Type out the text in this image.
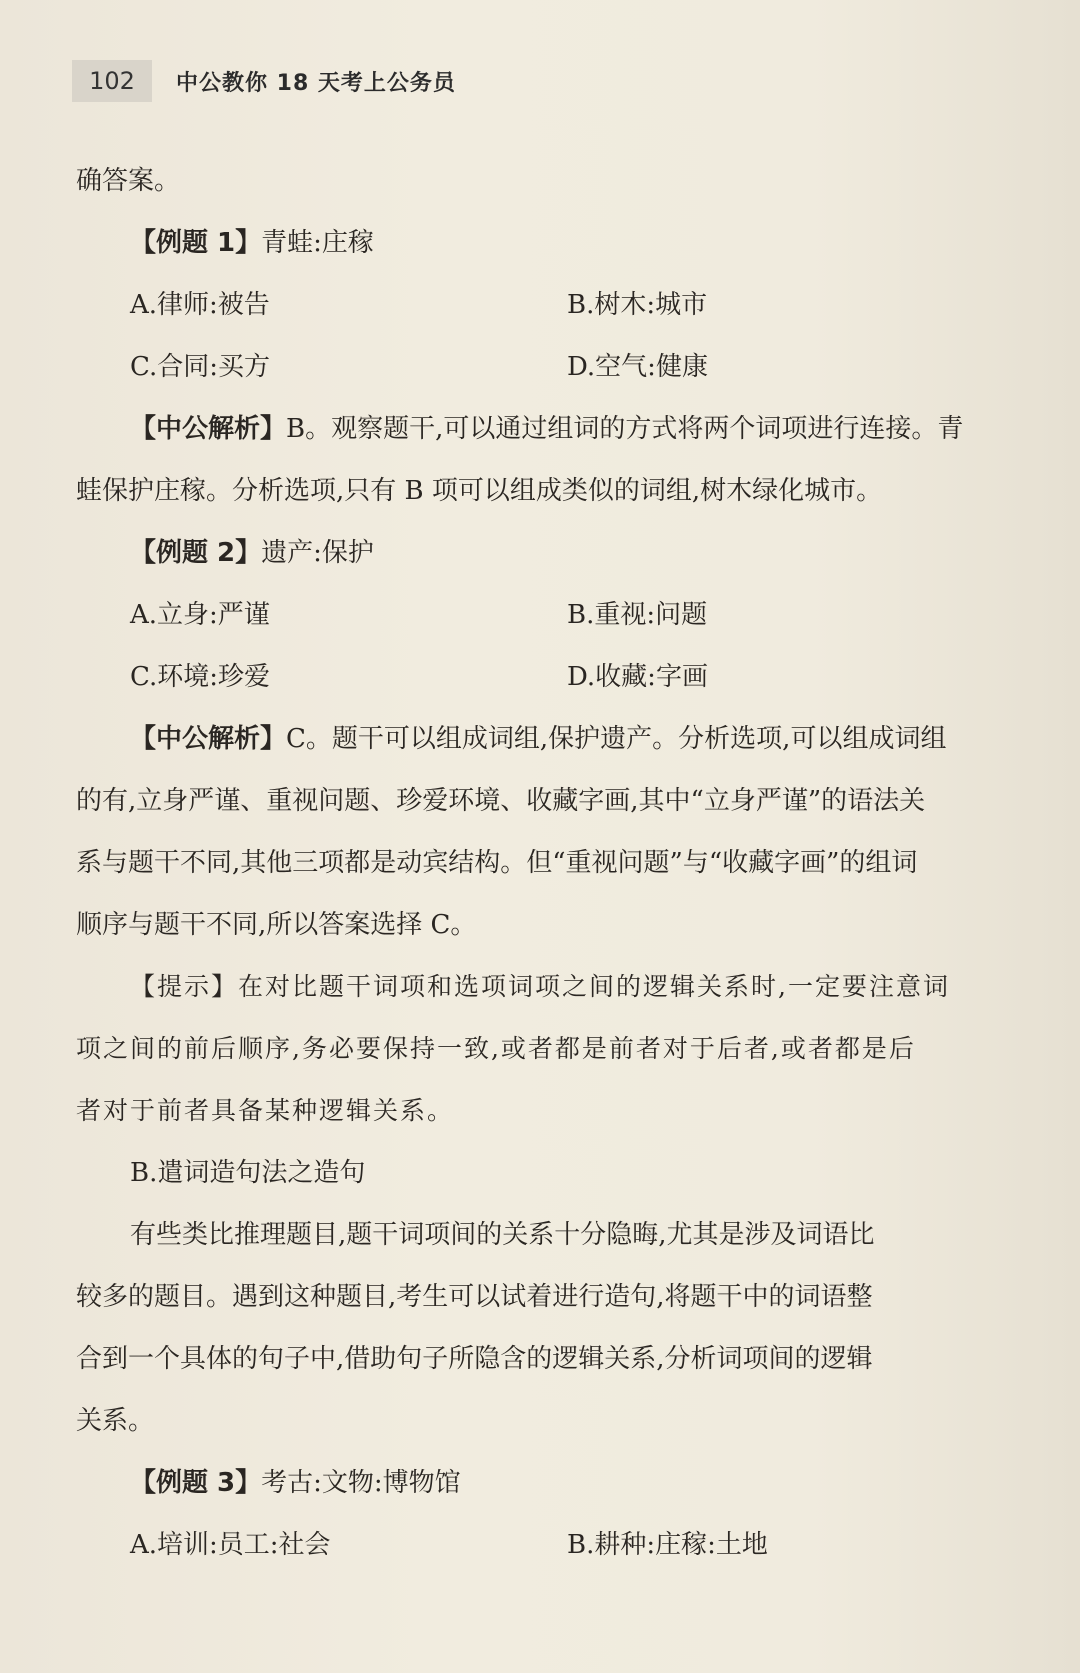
102	中公教你 18 天考上公务员
确答案。
【例题 1】青蛙:庄稼
A.律师:被告	B.树木:城市
C.合同:买方	D.空气:健康
【中公解析】B。观察题干,可以通过组词的方式将两个词项进行连接。青
蛙保护庄稼。分析选项,只有 B 项可以组成类似的词组,树木绿化城市。
【例题 2】遗产:保护
A.立身:严谨	B.重视:问题
C.环境:珍爱	D.收藏:字画
【中公解析】C。题干可以组成词组,保护遗产。分析选项,可以组成词组
的有,立身严谨、重视问题、珍爱环境、收藏字画,其中“立身严谨”的语法关
系与题干不同,其他三项都是动宾结构。但“重视问题”与“收藏字画”的组词
顺序与题干不同,所以答案选择 C。
【提示】在对比题干词项和选项词项之间的逻辑关系时,一定要注意词
项之间的前后顺序,务必要保持一致,或者都是前者对于后者,或者都是后
者对于前者具备某种逻辑关系。
B.遣词造句法之造句
有些类比推理题目,题干词项间的关系十分隐晦,尤其是涉及词语比
较多的题目。遇到这种题目,考生可以试着进行造句,将题干中的词语整
合到一个具体的句子中,借助句子所隐含的逻辑关系,分析词项间的逻辑
关系。
【例题 3】考古:文物:博物馆
A.培训:员工:社会	B.耕种:庄稼:土地
